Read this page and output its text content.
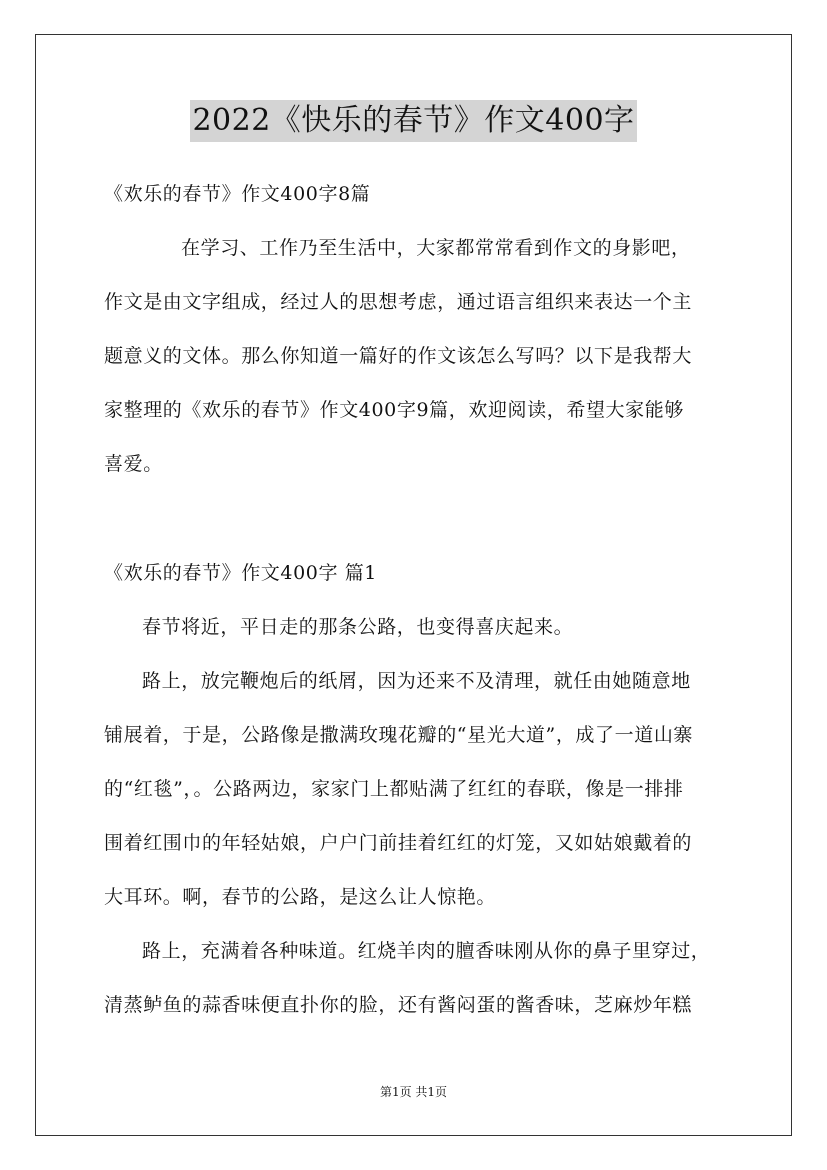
2022《快乐的春节》作文400字
《欢乐的春节》作文400字8篇
在学习、工作乃至生活中，大家都常常看到作文的身影吧，
作文是由文字组成，经过人的思想考虑，通过语言组织来表达一个主
题意义的文体。那么你知道一篇好的作文该怎么写吗？以下是我帮大
家整理的《欢乐的春节》作文400字9篇，欢迎阅读，希望大家能够
喜爱。
《欢乐的春节》作文400字 篇1
春节将近，平日走的那条公路，也变得喜庆起来。
路上，放完鞭炮后的纸屑，因为还来不及清理，就任由她随意地
铺展着，于是，公路像是撒满玫瑰花瓣的“星光大道”，成了一道山寨
的“红毯”，。公路两边，家家门上都贴满了红红的春联，像是一排排
围着红围巾的年轻姑娘，户户门前挂着红红的灯笼，又如姑娘戴着的
大耳环。啊，春节的公路，是这么让人惊艳。
路上，充满着各种味道。红烧羊肉的膻香味刚从你的鼻子里穿过，
清蒸鲈鱼的蒜香味便直扑你的脸，还有酱闷蛋的酱香味，芝麻炒年糕
第1页 共1页
